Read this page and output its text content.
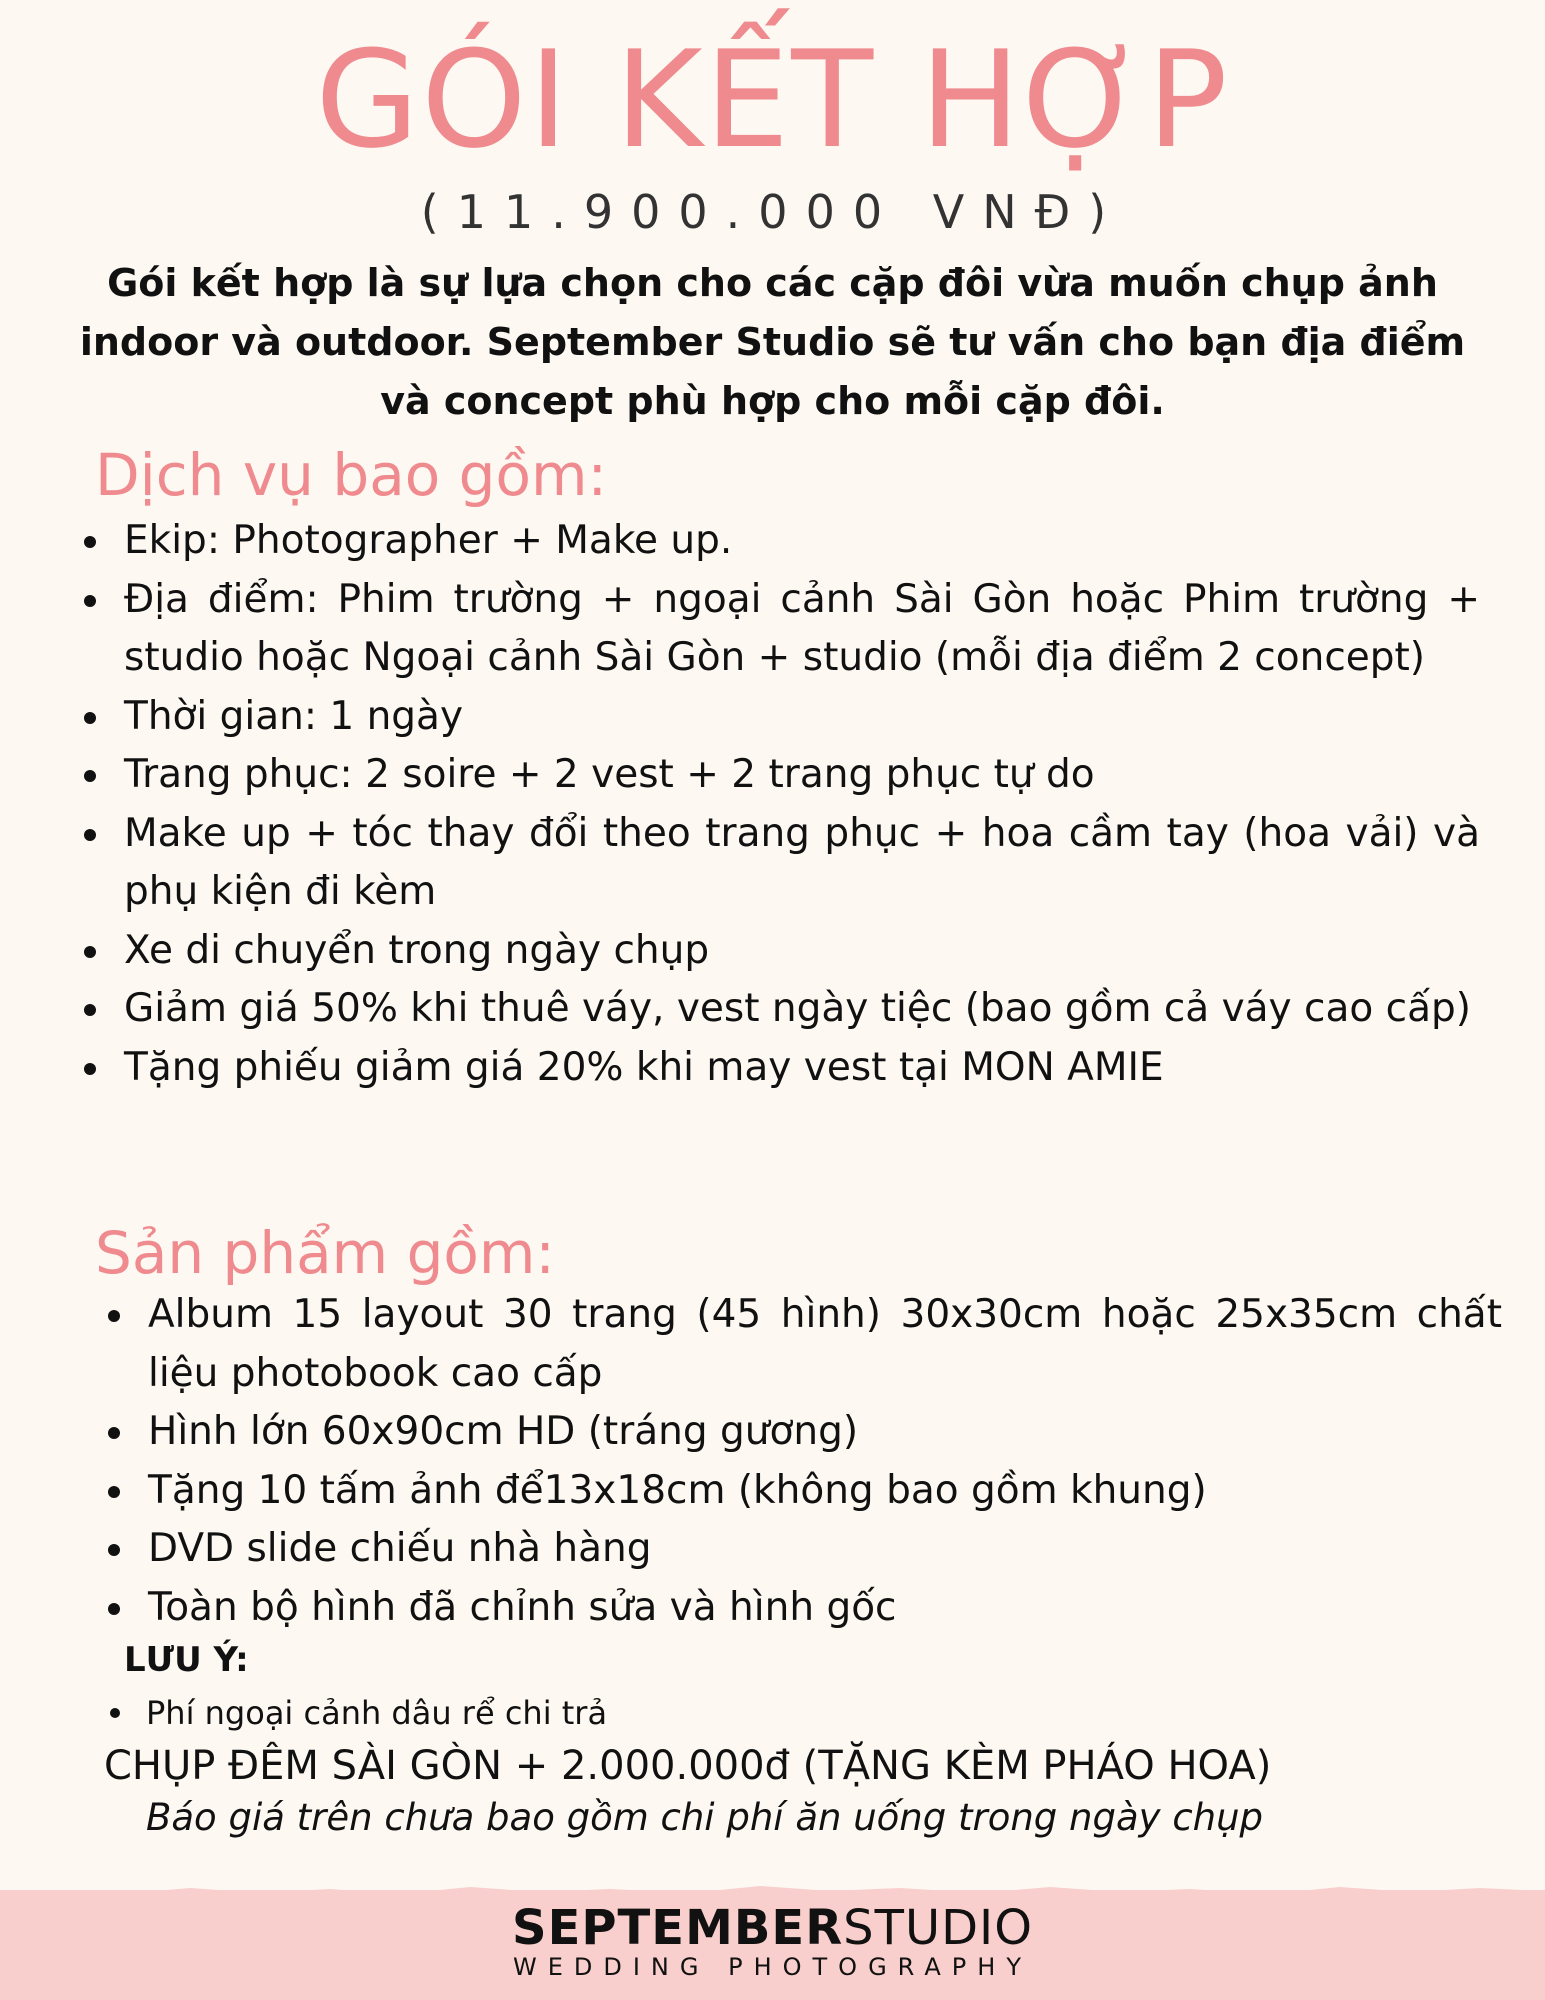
GÓI KẾT HỢP
(11.900.000 VNĐ)
Gói kết hợp là sự lựa chọn cho các cặp đôi vừa muốn chụp ảnh indoor và outdoor. September Studio sẽ tư vấn cho bạn địa điểm và concept phù hợp cho mỗi cặp đôi.
Dịch vụ bao gồm:
Ekip: Photographer + Make up.
Địa điểm: Phim trường + ngoại cảnh Sài Gòn hoặc Phim trường + studio hoặc Ngoại cảnh Sài Gòn + studio (mỗi địa điểm 2 concept)
Thời gian: 1 ngày
Trang phục: 2 soire + 2 vest + 2 trang phục tự do
Make up + tóc thay đổi theo trang phục + hoa cầm tay (hoa vải) và phụ kiện đi kèm
Xe di chuyển trong ngày chụp
Giảm giá 50% khi thuê váy, vest ngày tiệc (bao gồm cả váy cao cấp)
Tặng phiếu giảm giá 20% khi may vest tại MON AMIE
Sản phẩm gồm:
Album 15 layout 30 trang (45 hình) 30x30cm hoặc 25x35cm chất liệu photobook cao cấp
Hình lớn 60x90cm HD (tráng gương)
Tặng 10 tấm ảnh để13x18cm (không bao gồm khung)
DVD slide chiếu nhà hàng
Toàn bộ hình đã chỉnh sửa và hình gốc
LƯU Ý:
Phí ngoại cảnh dâu rể chi trả
CHỤP ĐÊM SÀI GÒN + 2.000.000đ (TẶNG KÈM PHÁO HOA)
Báo giá trên chưa bao gồm chi phí ăn uống trong ngày chụp
SEPTEMBERSTUDIO
WEDDING PHOTOGRAPHY
